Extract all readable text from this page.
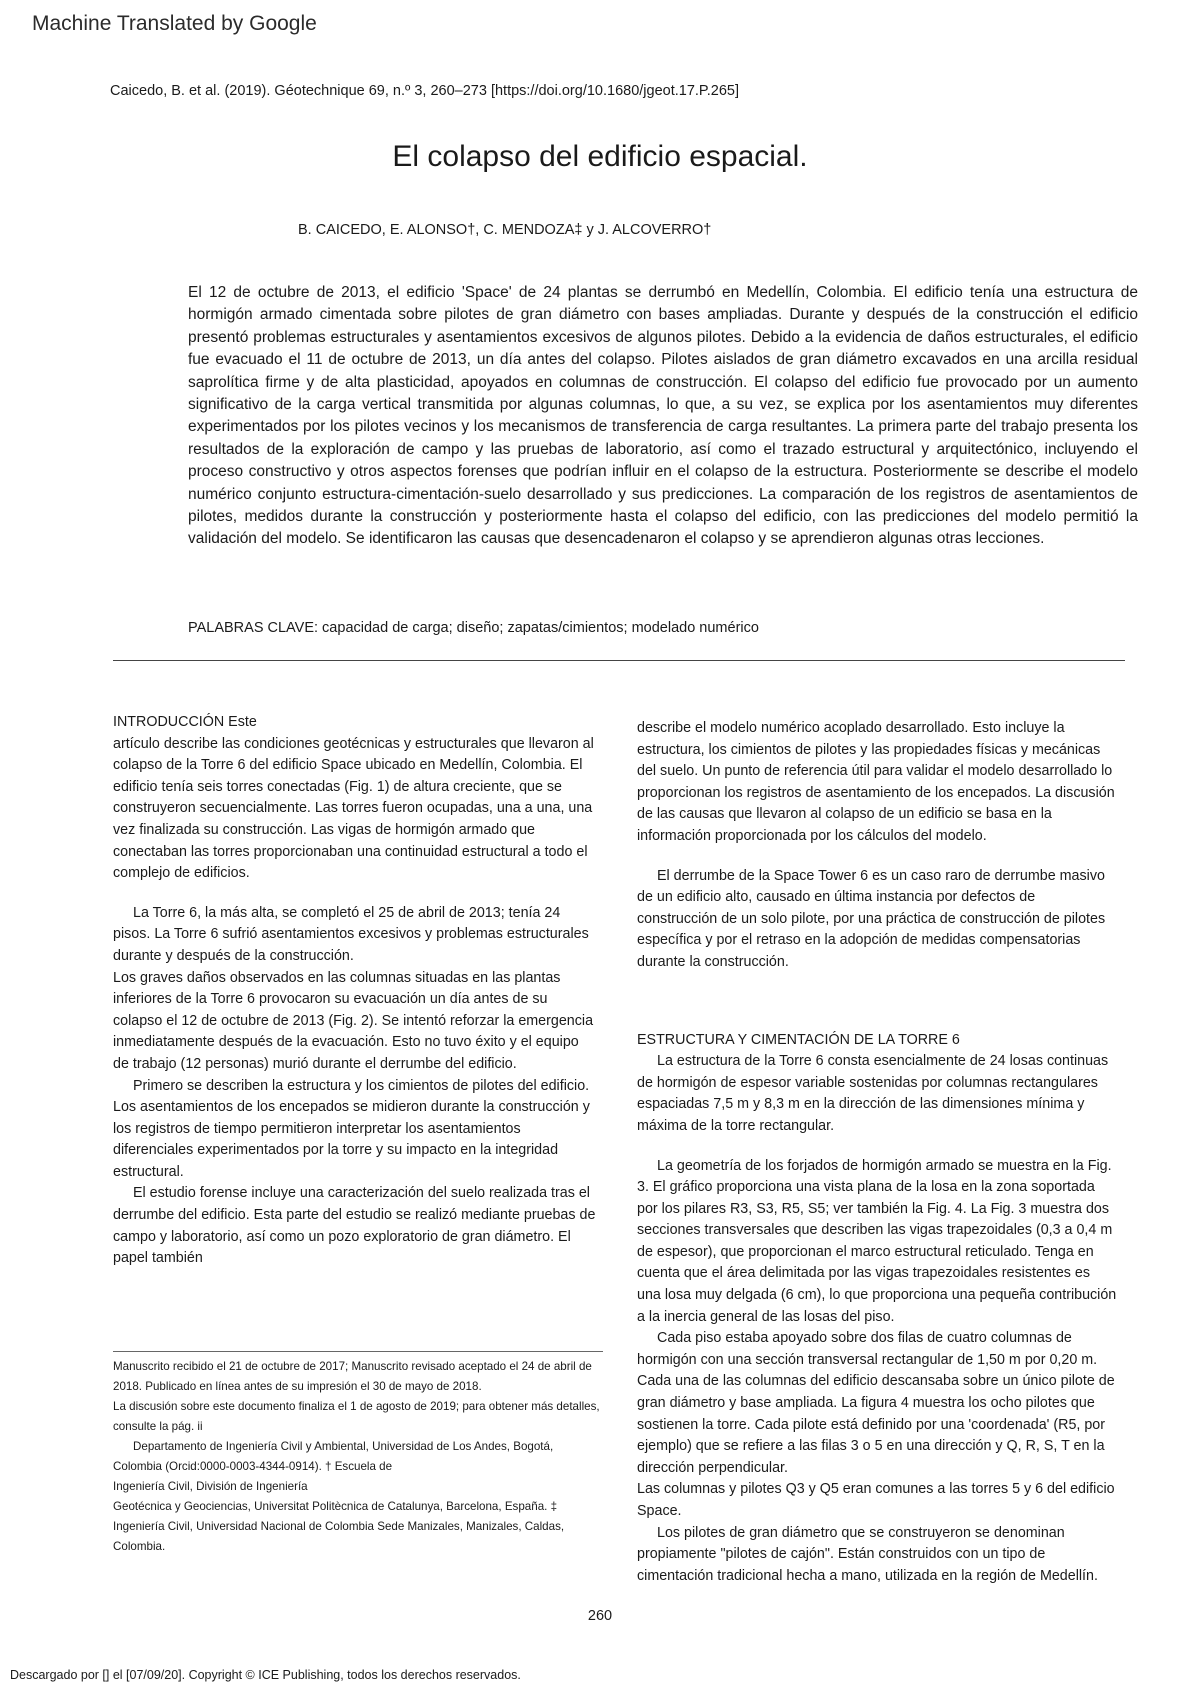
Machine Translated by Google
Caicedo, B. et al. (2019). Géotechnique 69, n.º 3, 260–273 [https://doi.org/10.1680/jgeot.17.P.265]
El colapso del edificio espacial.
B. CAICEDO, E. ALONSO†, C. MENDOZA‡ y J. ALCOVERRO†

El 12 de octubre de 2013, el edificio 'Space' de 24 plantas se derrumbó en Medellín, Colombia. El edificio tenía una estructura de hormigón armado cimentada sobre pilotes de gran diámetro con bases ampliadas. Durante y después de la construcción el edificio presentó problemas estructurales y asentamientos excesivos de algunos pilotes. Debido a la evidencia de daños estructurales, el edificio fue evacuado el 11 de octubre de 2013, un día antes del colapso. Pilotes aislados de gran diámetro excavados en una arcilla residual saprolítica firme y de alta plasticidad, apoyados en columnas de construcción. El colapso del edificio fue provocado por un aumento significativo de la carga vertical transmitida por algunas columnas, lo que, a su vez, se explica por los asentamientos muy diferentes experimentados por los pilotes vecinos y los mecanismos de transferencia de carga resultantes. La primera parte del trabajo presenta los resultados de la exploración de campo y las pruebas de laboratorio, así como el trazado estructural y arquitectónico, incluyendo el proceso constructivo y otros aspectos forenses que podrían influir en el colapso de la estructura. Posteriormente se describe el modelo numérico conjunto estructura-cimentación-suelo desarrollado y sus predicciones. La comparación de los registros de asentamientos de pilotes, medidos durante la construcción y posteriormente hasta el colapso del edificio, con las predicciones del modelo permitió la validación del modelo. Se identificaron las causas que desencadenaron el colapso y se aprendieron algunas otras lecciones.

PALABRAS CLAVE: capacidad de carga; diseño; zapatas/cimientos; modelado numérico

INTRODUCCIÓN Este

artículo describe las condiciones geotécnicas y estructurales que llevaron al colapso de la Torre 6 del edificio Space ubicado en Medellín, Colombia. El edificio tenía seis torres conectadas (Fig. 1) de altura creciente, que se construyeron secuencialmente. Las torres fueron ocupadas, una a una, una vez finalizada su construcción. Las vigas de hormigón armado que conectaban las torres proporcionaban una continuidad estructural a todo el complejo de edificios.

La Torre 6, la más alta, se completó el 25 de abril de 2013; tenía 24 pisos. La Torre 6 sufrió asentamientos excesivos y problemas estructurales durante y después de la construcción.

Los graves daños observados en las columnas situadas en las plantas inferiores de la Torre 6 provocaron su evacuación un día antes de su colapso el 12 de octubre de 2013 (Fig. 2). Se intentó reforzar la emergencia inmediatamente después de la evacuación. Esto no tuvo éxito y el equipo de trabajo (12 personas) murió durante el derrumbe del edificio.

Primero se describen la estructura y los cimientos de pilotes del edificio. Los asentamientos de los encepados se midieron durante la construcción y los registros de tiempo permitieron interpretar los asentamientos diferenciales experimentados por la torre y su impacto en la integridad estructural.

El estudio forense incluye una caracterización del suelo realizada tras el derrumbe del edificio. Esta parte del estudio se realizó mediante pruebas de campo y laboratorio, así como un pozo exploratorio de gran diámetro. El papel también

Manuscrito recibido el 21 de octubre de 2017; Manuscrito revisado aceptado el 24 de abril de 2018. Publicado en línea antes de su impresión el 30 de mayo de 2018.

La discusión sobre este documento finaliza el 1 de agosto de 2019; para obtener más detalles, consulte la pág. ii

Departamento de Ingeniería Civil y Ambiental, Universidad de Los Andes, Bogotá, Colombia (Orcid:0000-0003-4344-0914). † Escuela de

Ingeniería Civil, División de Ingeniería

Geotécnica y Geociencias, Universitat Politècnica de Catalunya, Barcelona, España. ‡ Ingeniería Civil, Universidad Nacional de Colombia Sede Manizales, Manizales, Caldas, Colombia.

describe el modelo numérico acoplado desarrollado. Esto incluye la estructura, los cimientos de pilotes y las propiedades físicas y mecánicas del suelo. Un punto de referencia útil para validar el modelo desarrollado lo proporcionan los registros de asentamiento de los encepados. La discusión de las causas que llevaron al colapso de un edificio se basa en la información proporcionada por los cálculos del modelo.

El derrumbe de la Space Tower 6 es un caso raro de derrumbe masivo de un edificio alto, causado en última instancia por defectos de construcción de un solo pilote, por una práctica de construcción de pilotes específica y por el retraso en la adopción de medidas compensatorias durante la construcción.

ESTRUCTURA Y CIMENTACIÓN DE LA TORRE 6

La estructura de la Torre 6 consta esencialmente de 24 losas continuas de hormigón de espesor variable sostenidas por columnas rectangulares espaciadas 7,5 m y 8,3 m en la dirección de las dimensiones mínima y máxima de la torre rectangular.

La geometría de los forjados de hormigón armado se muestra en la Fig. 3. El gráfico proporciona una vista plana de la losa en la zona soportada por los pilares R3, S3, R5, S5; ver también la Fig. 4. La Fig. 3 muestra dos secciones transversales que describen las vigas trapezoidales (0,3 a 0,4 m de espesor), que proporcionan el marco estructural reticulado. Tenga en cuenta que el área delimitada por las vigas trapezoidales resistentes es una losa muy delgada (6 cm), lo que proporciona una pequeña contribución a la inercia general de las losas del piso.

Cada piso estaba apoyado sobre dos filas de cuatro columnas de hormigón con una sección transversal rectangular de 1,50 m por 0,20 m. Cada una de las columnas del edificio descansaba sobre un único pilote de gran diámetro y base ampliada. La figura 4 muestra los ocho pilotes que sostienen la torre. Cada pilote está definido por una 'coordenada' (R5, por ejemplo) que se refiere a las filas 3 o 5 en una dirección y Q, R, S, T en la dirección perpendicular.

Las columnas y pilotes Q3 y Q5 eran comunes a las torres 5 y 6 del edificio Space.

Los pilotes de gran diámetro que se construyeron se denominan propiamente "pilotes de cajón". Están construidos con un tipo de cimentación tradicional hecha a mano, utilizada en la región de Medellín.

260
Descargado por [] el [07/09/20]. Copyright © ICE Publishing, todos los derechos reservados.
